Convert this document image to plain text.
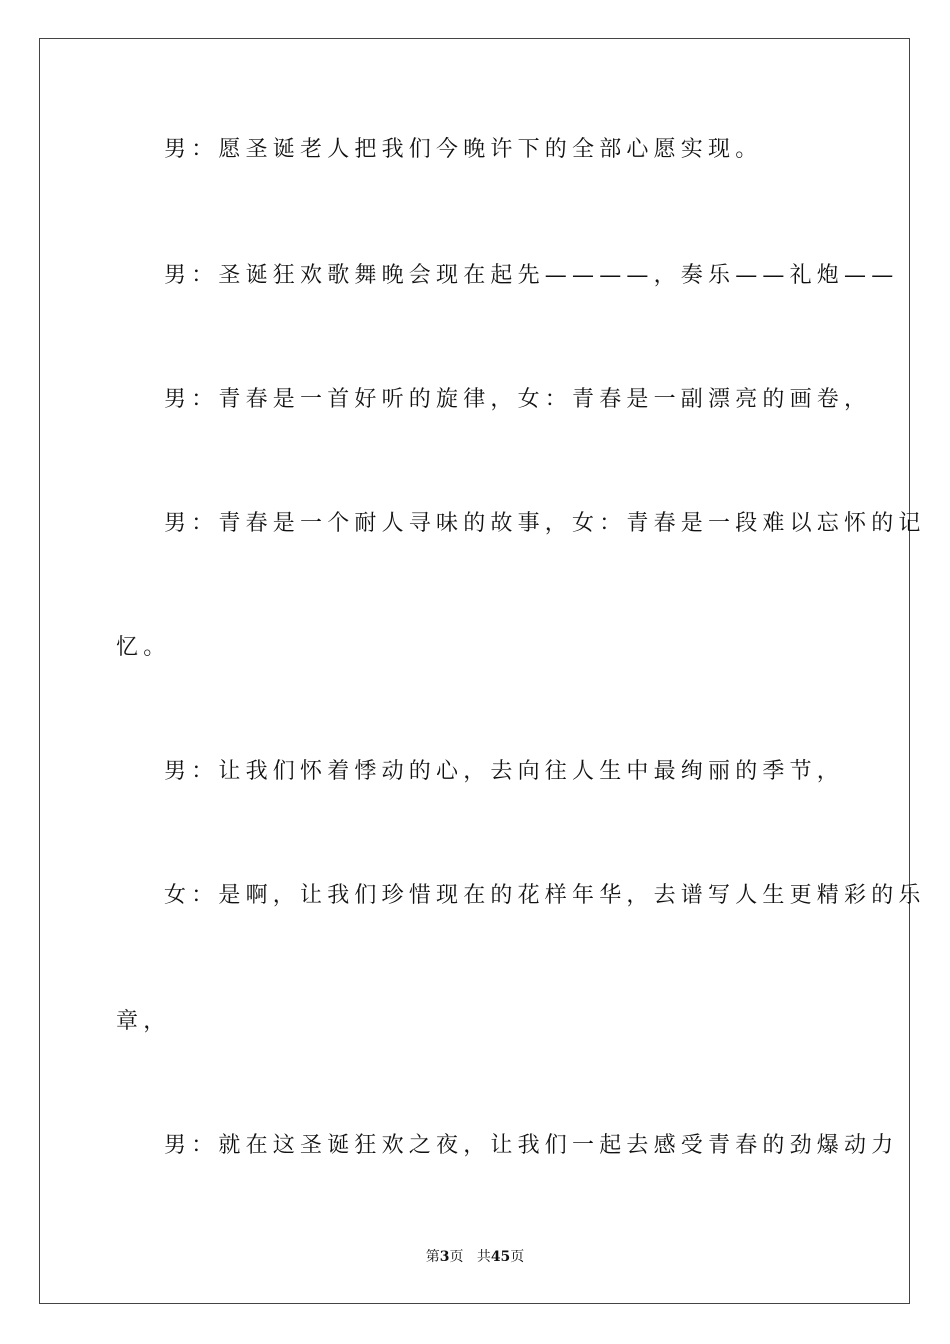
男：愿圣诞老人把我们今晚许下的全部心愿实现。

男：圣诞狂欢歌舞晚会现在起先————，奏乐——礼炮——

男：青春是一首好听的旋律，女：青春是一副漂亮的画卷，

男：青春是一个耐人寻味的故事，女：青春是一段难以忘怀的记

忆。

男：让我们怀着悸动的心，去向往人生中最绚丽的季节，

女：是啊，让我们珍惜现在的花样年华，去谱写人生更精彩的乐

章，

男：就在这圣诞狂欢之夜，让我们一起去感受青春的劲爆动力

第3页 共45页
